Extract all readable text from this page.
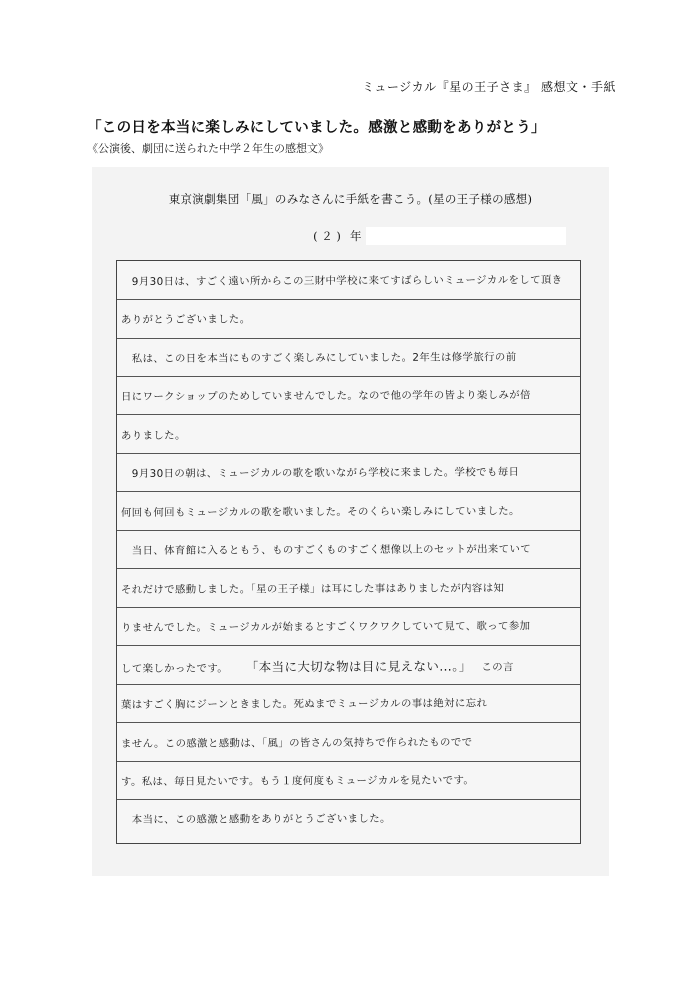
ミュージカル『星の王子さま』 感想文・手紙
「この日を本当に楽しみにしていました。感激と感動をありがとう」
《公演後、劇団に送られた中学２年生の感想文》
東京演劇集団「風」のみなさんに手紙を書こう。(星の王子様の感想)
( ２ ) 年
　9月30日は、すごく遠い所からこの三財中学校に来てすばらしいミュージカルをして頂き
ありがとうございました。
　私は、この日を本当にものすごく楽しみにしていました。2年生は修学旅行の前
日にワークショップのためしていませんでした。なので他の学年の皆より楽しみが倍
ありました。
　9月30日の朝は、ミュージカルの歌を歌いながら学校に来ました。学校でも毎日
何回も何回もミュージカルの歌を歌いました。そのくらい楽しみにしていました。
　当日、体育館に入るともう、ものすごくものすごく想像以上のセットが出来ていて
それだけで感動しました。「星の王子様」は耳にした事はありましたが内容は知
りませんでした。ミュージカルが始まるとすごくワクワクしていて見て、歌って参加
して楽しかったです。 「本当に大切な物は目に見えない…。」 この言
葉はすごく胸にジーンときました。死ぬまでミュージカルの事は絶対に忘れ
ません。この感激と感動は、「風」の皆さんの気持ちで作られたものでで
す。私は、毎日見たいです。もう１度何度もミュージカルを見たいです。
　本当に、この感激と感動をありがとうございました。
